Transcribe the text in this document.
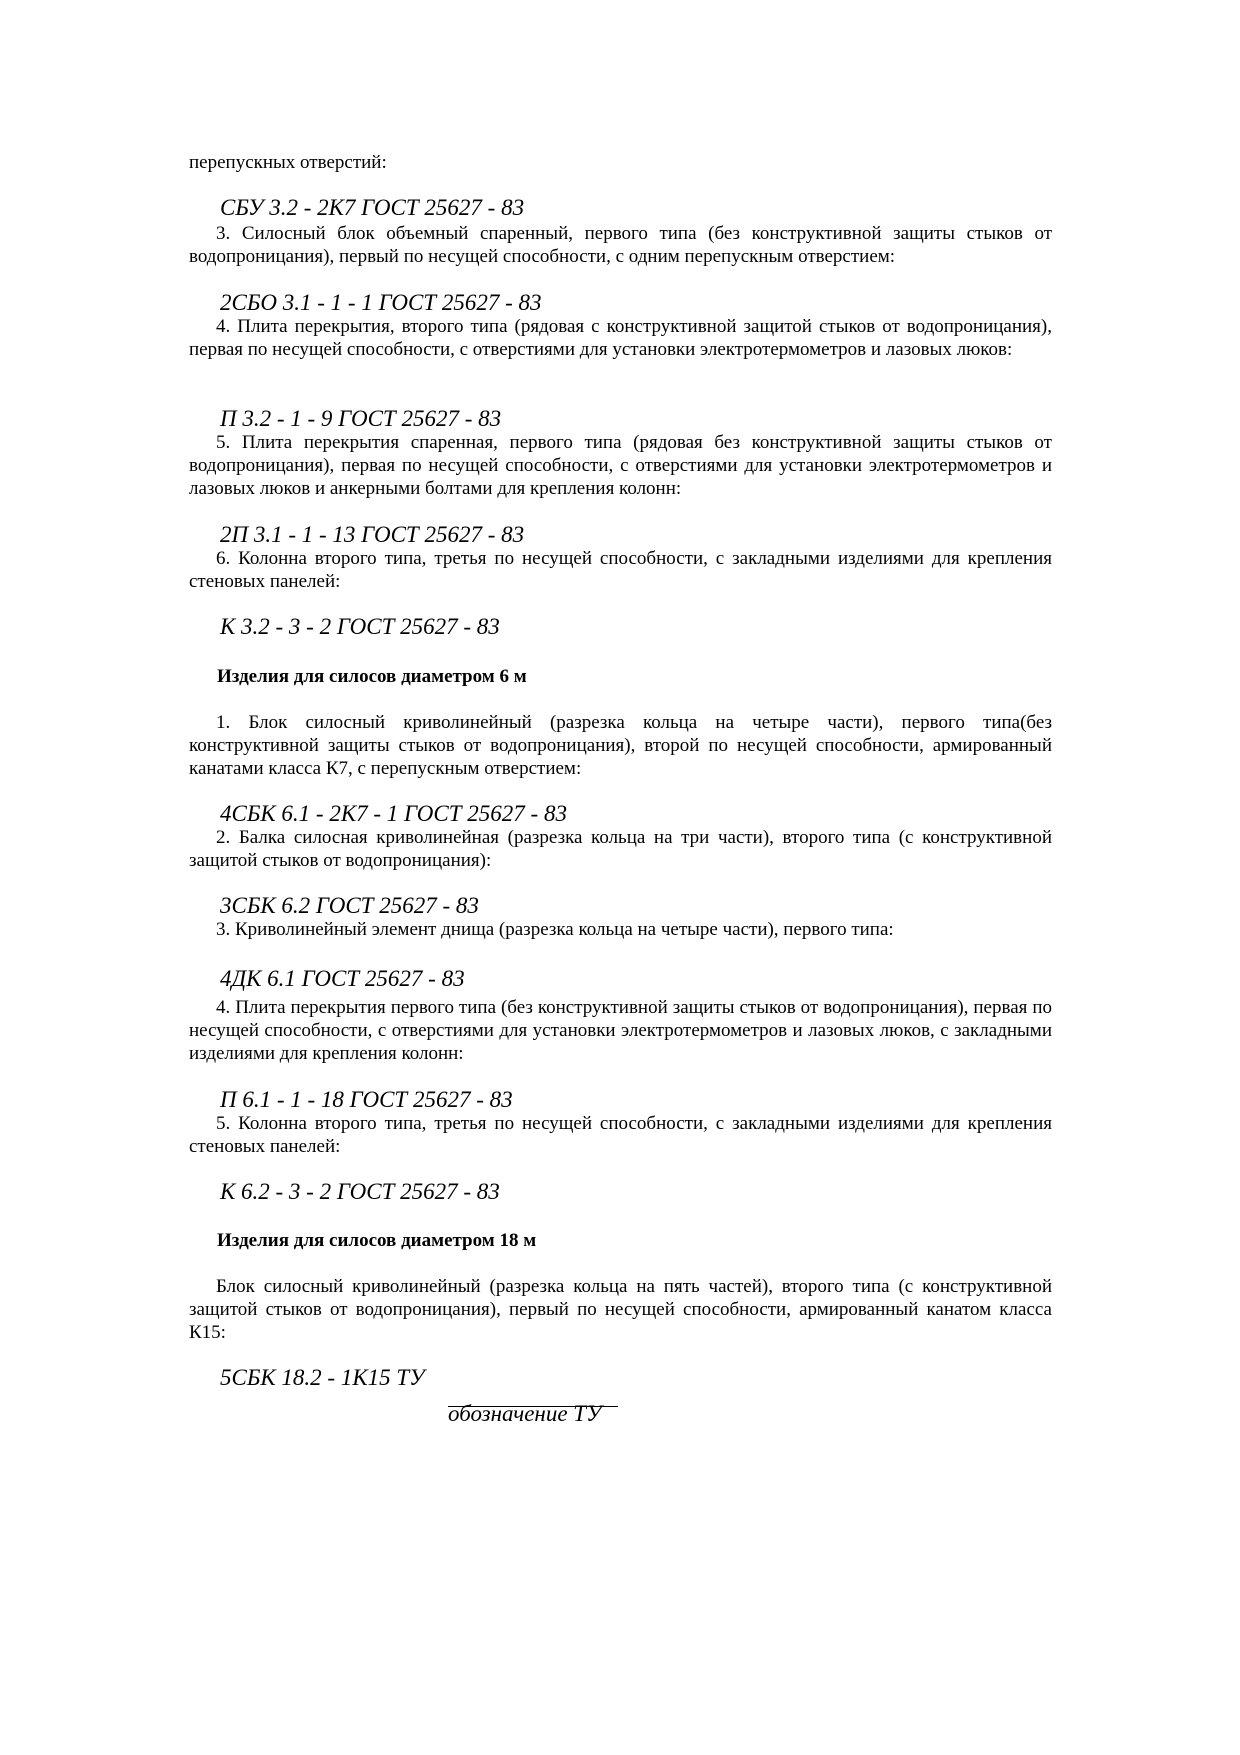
перепускных отверстий:

СБУ 3.2 - 2К7 ГОСТ 25627 - 83

3. Силосный блок объемный спаренный, первого типа (без конструктивной защиты стыков от водопроницания), первый по несущей способности, с одним перепускным отверстием:

2СБО 3.1 - 1 - 1 ГОСТ 25627 - 83

4. Плита перекрытия, второго типа (рядовая с конструктивной защитой стыков от водопроницания), первая по несущей способности, с отверстиями для установки электротермометров и лазовых люков:

П 3.2 - 1 - 9 ГОСТ 25627 - 83

5. Плита перекрытия спаренная, первого типа (рядовая без конструктивной защиты стыков от водопроницания), первая по несущей способности, с отверстиями для установки электротермометров и лазовых люков и анкерными болтами для крепления колонн:

2П 3.1 - 1 - 13 ГОСТ 25627 - 83

6. Колонна второго типа, третья по несущей способности, с закладными изделиями для крепления стеновых панелей:

К 3.2 - 3 - 2 ГОСТ 25627 - 83

Изделия для силосов диаметром 6 м

1. Блок силосный криволинейный (разрезка кольца на четыре части), первого типа(без конструктивной защиты стыков от водопроницания), второй по несущей способности, армированный канатами класса К7, с перепускным отверстием:

4СБК 6.1 - 2К7 - 1 ГОСТ 25627 - 83

2. Балка силосная криволинейная (разрезка кольца на три части), второго типа (с конструктивной защитой стыков от водопроницания):

3СБК 6.2 ГОСТ 25627 - 83

3. Криволинейный элемент днища (разрезка кольца на четыре части), первого типа:

4ДК 6.1 ГОСТ 25627 - 83

4. Плита перекрытия первого типа (без конструктивной защиты стыков от водопроницания), первая по несущей способности, с отверстиями для установки электротермометров и лазовых люков, с закладными изделиями для крепления колонн:

П 6.1 - 1 - 18 ГОСТ 25627 - 83

5. Колонна второго типа, третья по несущей способности, с закладными изделиями для крепления стеновых панелей:

К 6.2 - 3 - 2 ГОСТ 25627 - 83

Изделия для силосов диаметром 18 м

Блок силосный криволинейный (разрезка кольца на пять частей), второго типа (с конструктивной защитой стыков от водопроницания), первый по несущей способности, армированный канатом класса К15:

5СБК 18.2 - 1К15 ТУ

обозначение ТУ
